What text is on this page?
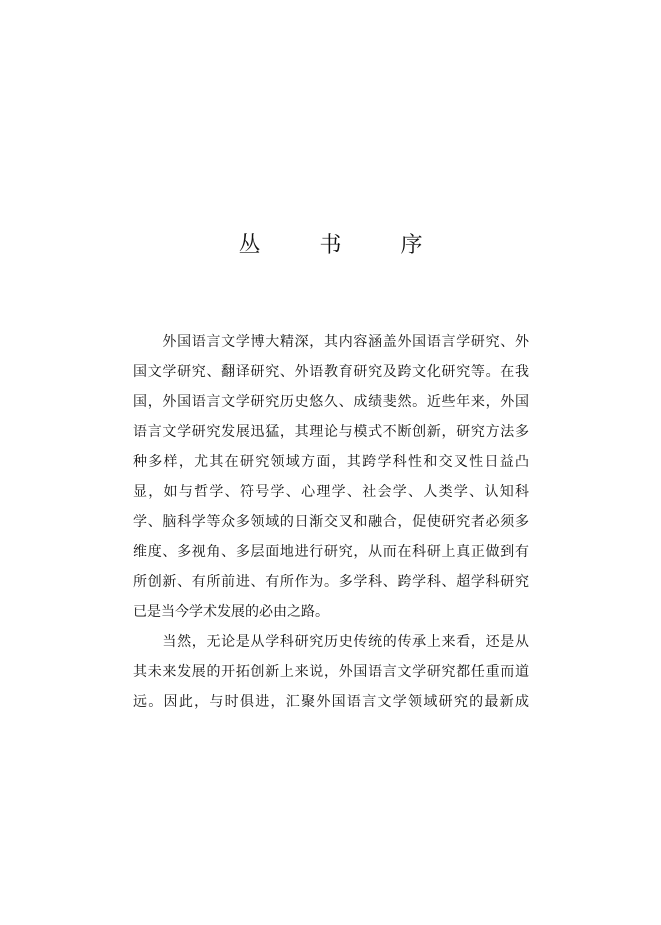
丛 书 序

　　外国语言文学博大精深，其内容涵盖外国语言学研究、外

国文学研究、翻译研究、外语教育研究及跨文化研究等。在我

国，外国语言文学研究历史悠久、成绩斐然。近些年来，外国

语言文学研究发展迅猛，其理论与模式不断创新，研究方法多

种多样，尤其在研究领域方面，其跨学科性和交叉性日益凸

显，如与哲学、符号学、心理学、社会学、人类学、认知科

学、脑科学等众多领域的日渐交叉和融合，促使研究者必须多

维度、多视角、多层面地进行研究，从而在科研上真正做到有

所创新、有所前进、有所作为。多学科、跨学科、超学科研究

已是当今学术发展的必由之路。

　　当然，无论是从学科研究历史传统的传承上来看，还是从

其未来发展的开拓创新上来说，外国语言文学研究都任重而道

远。因此，与时俱进，汇聚外国语言文学领域研究的最新成
